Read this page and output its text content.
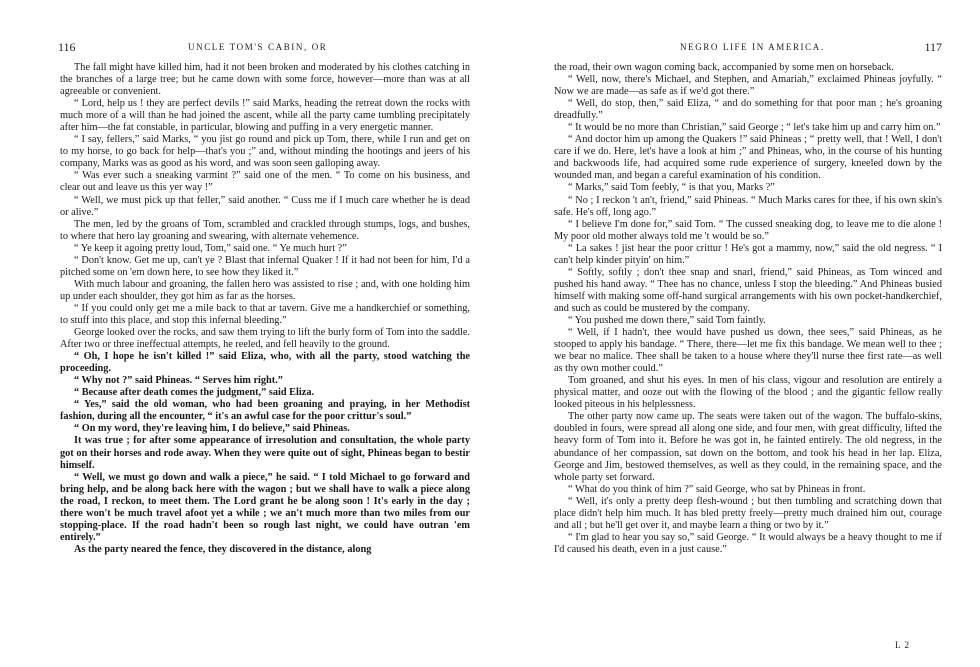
116	UNCLE TOM'S CABIN, OR

The fall might have killed him, had it not been broken and moderated by his clothes catching in the branches of a large tree; but he came down with some force, however—more than was at all agreeable or convenient.

“ Lord, help us ! they are perfect devils !” said Marks, heading the retreat down the rocks with much more of a will than he had joined the ascent, while all the party came tumbling precipitately after him—the fat constable, in particular, blowing and puffing in a very energetic manner.

“ I say, fellers,” said Marks, “ you jist go round and pick up Tom, there, while I run and get on to my horse, to go back for help—that's you ;” and, without minding the hootings and jeers of his company, Marks was as good as his word, and was soon seen galloping away.

“ Was ever such a sneaking varmint ?” said one of the men. “ To come on his business, and clear out and leave us this yer way !”

“ Well, we must pick up that feller,” said another. “ Cuss me if I much care whether he is dead or alive.”

The men, led by the groans of Tom, scrambled and crackled through stumps, logs, and bushes, to where that hero lay groaning and swearing, with alternate vehemence.

“ Ye keep it agoing pretty loud, Tom,” said one. “ Ye much hurt ?”

“ Don't know. Get me up, can't ye ? Blast that infernal Quaker ! If it had not been for him, I'd a pitched some on 'em down here, to see how they liked it.”

With much labour and groaning, the fallen hero was assisted to rise ; and, with one holding him up under each shoulder, they got him as far as the horses.

“ If you could only get me a mile back to that ar tavern. Give me a handkerchief or something, to stuff into this place, and stop this infernal bleeding.”

George looked over the rocks, and saw them trying to lift the burly form of Tom into the saddle. After two or three ineffectual attempts, he reeled, and fell heavily to the ground.

“ Oh, I hope he isn't killed !” said Eliza, who, with all the party, stood watching the proceeding.

“ Why not ?” said Phineas. “ Serves him right.”

“ Because after death comes the judgment,” said Eliza.

“ Yes,” said the old woman, who had been groaning and praying, in her Methodist fashion, during all the encounter, “ it's an awful case for the poor crittur's soul.”

“ On my word, they're leaving him, I do believe,” said Phineas.

It was true ; for after some appearance of irresolution and consultation, the whole party got on their horses and rode away. When they were quite out of sight, Phineas began to bestir himself.

“ Well, we must go down and walk a piece,” he said. “ I told Michael to go forward and bring help, and be along back here with the wagon ; but we shall have to walk a piece along the road, I reckon, to meet them. The Lord grant he be along soon ! It's early in the day ; there won't be much travel afoot yet a while ; we an't much more than two miles from our stopping-place. If the road hadn't been so rough last night, we could have outran 'em entirely.”

As the party neared the fence, they discovered in the distance, along

NEGRO LIFE IN AMERICA.	117

the road, their own wagon coming back, accompanied by some men on horseback.

“ Well, now, there's Michael, and Stephen, and Amariah,” exclaimed Phineas joyfully. “ Now we are made—as safe as if we'd got there.”

“ Well, do stop, then,” said Eliza, “ and do something for that poor man ; he's groaning dreadfully.”

“ It would be no more than Christian,” said George ; “ let's take him up and carry him on.”

“ And doctor him up among the Quakers !” said Phineas ; “ pretty well, that ! Well, I don't care if we do. Here, let's have a look at him ;” and Phineas, who, in the course of his hunting and backwoods life, had acquired some rude experience of surgery, kneeled down by the wounded man, and began a careful examination of his condition.

“ Marks,” said Tom feebly, “ is that you, Marks ?”

“ No ; I reckon 't an't, friend,” said Phineas. “ Much Marks cares for thee, if his own skin's safe. He's off, long ago.”

“ I believe I'm done for,” said Tom. “ The cussed sneaking dog, to leave me to die alone ! My poor old mother always told me 't would be so.”

“ La sakes ! jist hear the poor crittur ! He's got a mammy, now,” said the old negress. “ I can't help kinder pityin' on him.”

“ Softly, softly ; don't thee snap and snarl, friend,” said Phineas, as Tom winced and pushed his hand away. “ Thee has no chance, unless I stop the bleeding.” And Phineas busied himself with making some off-hand surgical arrangements with his own pocket-handkerchief, and such as could be mustered by the company.

“ You pushed me down there,” said Tom faintly.

“ Well, if I hadn't, thee would have pushed us down, thee sees,” said Phineas, as he stooped to apply his bandage. “ There, there—let me fix this bandage. We mean well to thee ; we bear no malice. Thee shall be taken to a house where they'll nurse thee first rate—as well as thy own mother could.”

Tom groaned, and shut his eyes. In men of his class, vigour and resolution are entirely a physical matter, and ooze out with the flowing of the blood ; and the gigantic fellow really looked piteous in his helplessness.

The other party now came up. The seats were taken out of the wagon. The buffalo-skins, doubled in fours, were spread all along one side, and four men, with great difficulty, lifted the heavy form of Tom into it. Before he was got in, he fainted entirely. The old negress, in the abundance of her compassion, sat down on the bottom, and took his head in her lap. Eliza, George and Jim, bestowed themselves, as well as they could, in the remaining space, and the whole party set forward.

“ What do you think of him ?” said George, who sat by Phineas in front.

“ Well, it's only a pretty deep flesh-wound ; but then tumbling and scratching down that place didn't help him much. It has bled pretty freely—pretty much drained him out, courage and all ; but he'll get over it, and maybe learn a thing or two by it.”

“ I'm glad to hear you say so,” said George. “ It would always be a heavy thought to me if I'd caused his death, even in a just cause.”

L 2
